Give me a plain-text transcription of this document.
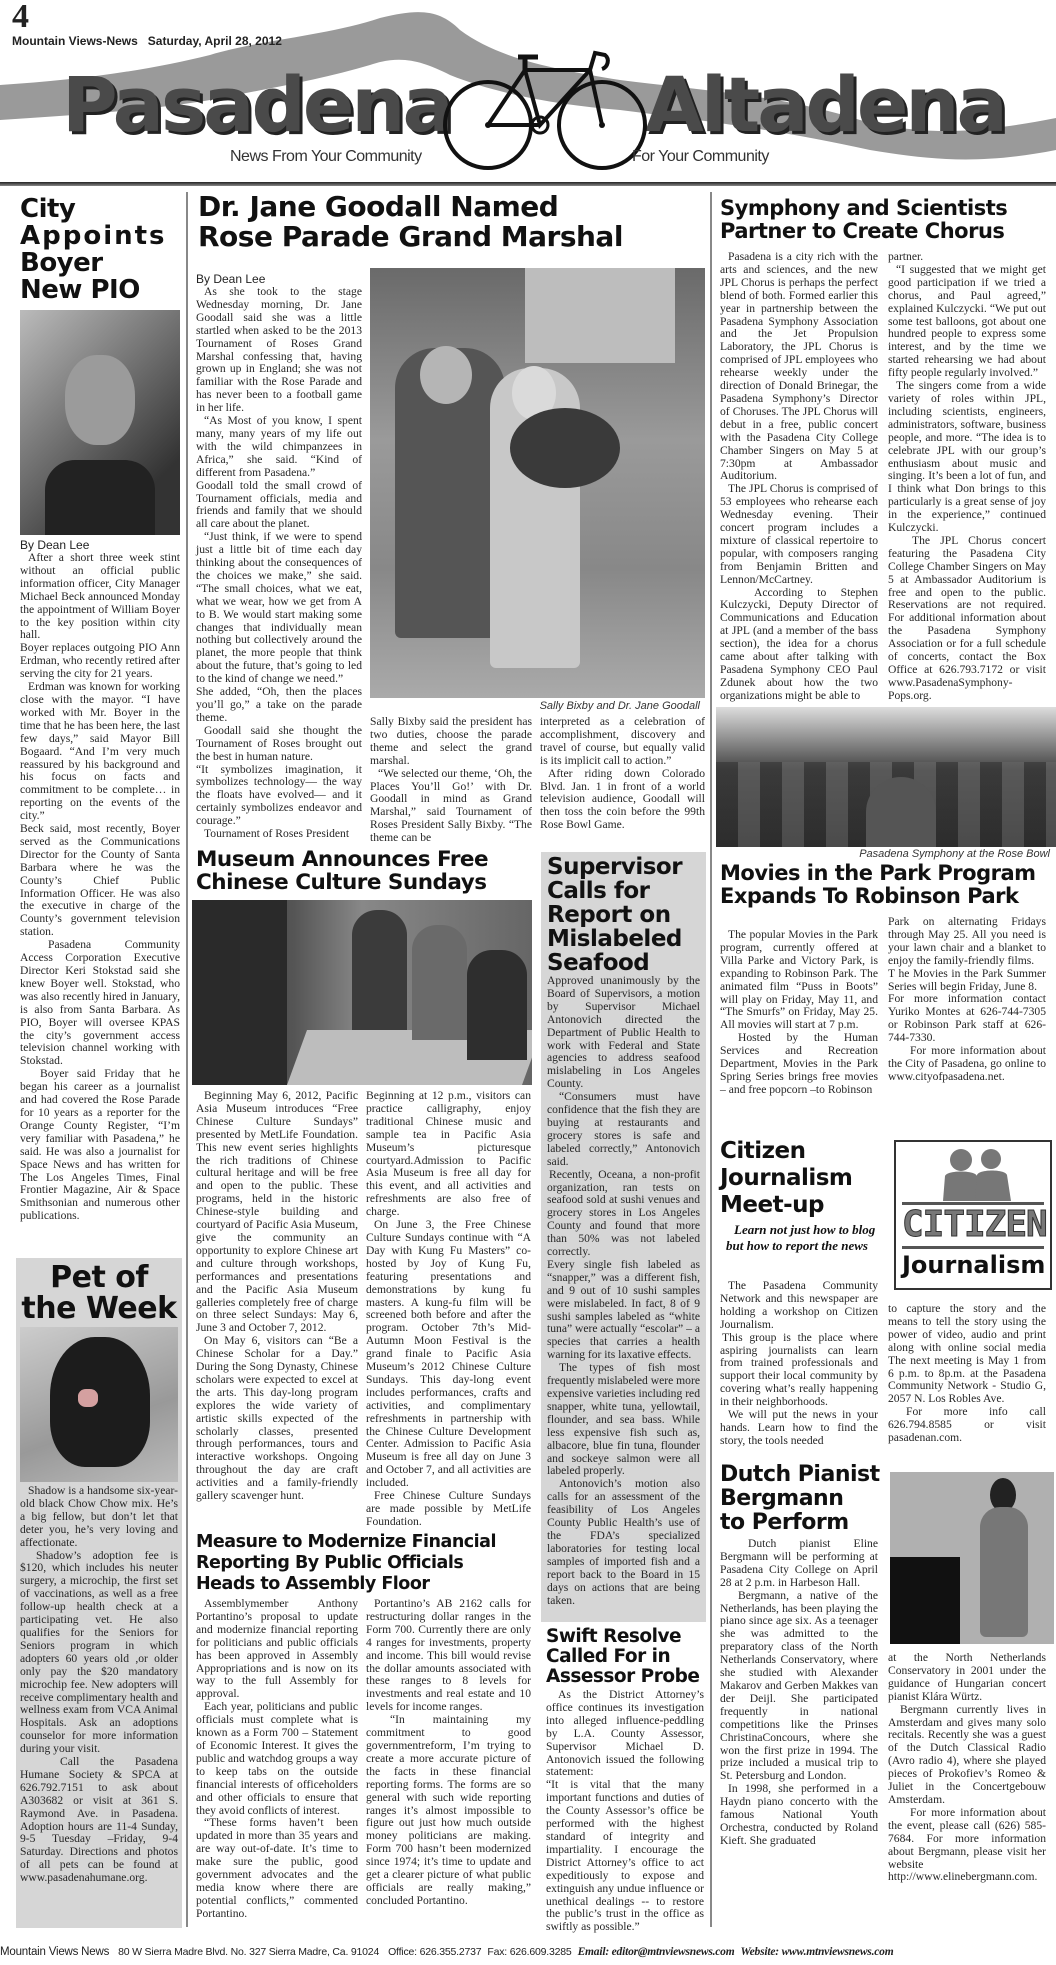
4
Mountain Views-News   Saturday, April 28, 2012
Pasadena	Altadena
News From Your Community	For Your Community
City
Appoints
Boyer
New PIO
By Dean Lee

After a short three week stint without an official public information officer, City Manager Michael Beck announced Monday the appointment of William Boyer to the key position within city hall.

Boyer replaces outgoing PIO Ann Erdman, who recently retired after serving the city for 21 years.

Erdman was known for working close with the mayor. “I have worked with Mr. Boyer in the time that he has been here, the last few days,” said Mayor Bill Bogaard. “And I’m very much reassured by his background and his focus on facts and commitment to be complete… in reporting on the events of the city.”

Beck said, most recently, Boyer served as the Communications Director for the County of Santa Barbara where he was the County’s Chief Public Information Officer. He was also the executive in charge of the County’s government television station.

Pasadena Community Access Corporation Executive Director Keri Stokstad said she knew Boyer well. Stokstad, who was also recently hired in January, is also from Santa Barbara. As PIO, Boyer will oversee KPAS the city’s government access television channel working with Stokstad.

Boyer said Friday that he began his career as a journalist and had covered the Rose Parade for 10 years as a reporter for the Orange County Register, “I’m very familiar with Pasadena,” he said. He was also a journalist for Space News and has written for The Los Angeles Times, Final Frontier Magazine, Air & Space Smithsonian and numerous other publications.

Pet of
the Week

Shadow is a handsome six-year-old black Chow Chow mix. He’s a big fellow, but don’t let that deter you, he’s very loving and affectionate.

Shadow’s adoption fee is $120, which includes his neuter surgery, a microchip, the first set of vaccinations, as well as a free follow-up health check at a participating vet. He also qualifies for the Seniors for Seniors program in which adopters 60 years old ,or older only pay the $20 mandatory microchip fee. New adopters will receive complimentary health and wellness exam from VCA Animal Hospitals. Ask an adoptions counselor for more information during your visit.

Call the Pasadena Humane Society & SPCA at 626.792.7151 to ask about A303682 or visit at 361 S. Raymond Ave. in Pasadena. Adoption hours are 11-4 Sunday, 9-5 Tuesday –Friday, 9-4 Saturday. Directions and photos of all pets can be found at www.pasadenahumane.org.

Dr. Jane Goodall Named
Rose Parade Grand Marshal
By Dean Lee

As she took to the stage Wednesday morning, Dr. Jane Goodall said she was a little startled when asked to be the 2013 Tournament of Roses Grand Marshal confessing that, having grown up in England; she was not familiar with the Rose Parade and has never been to a football game in her life.

“As Most of you know, I spent many, many years of my life out with the wild chimpanzees in Africa,” she said. “Kind of different from Pasadena.”

Goodall told the small crowd of Tournament officials, media and friends and family that we should all care about the planet.

“Just think, if we were to spend just a little bit of time each day thinking about the consequences of the choices we make,” she said. “The small choices, what we eat, what we wear, how we get from A to B. We would start making some changes that individually mean nothing but collectively around the planet, the more people that think about the future, that’s going to led to the kind of change we need.”

She added, “Oh, then the places you’ll go,” a take on the parade theme.

Goodall said she thought the Tournament of Roses brought out the best in human nature.

“It symbolizes imagination, it symbolizes technology— the way the floats have evolved— and it certainly symbolizes endeavor and courage.”

Tournament of Roses President

Sally Bixby and Dr. Jane Goodall

Sally Bixby said the president has two duties, choose the parade theme and select the grand marshal.

“We selected our theme, ‘Oh, the Places You’ll Go!’ with Dr. Goodall in mind as Grand Marshal,” said Tournament of Roses President Sally Bixby. “The theme can be

interpreted as a celebration of accomplishment, discovery and travel of course, but equally valid is its implicit call to action.”

After riding down Colorado Blvd. Jan. 1 in front of a world television audience, Goodall will then toss the coin before the 99th Rose Bowl Game.

Museum Announces Free
Chinese Culture Sundays

Beginning May 6, 2012, Pacific Asia Museum introduces “Free Chinese Culture Sundays” presented by MetLife Foundation. This new event series highlights the rich traditions of Chinese cultural heritage and will be free and open to the public. These programs, held in the historic Chinese-style building and courtyard of Pacific Asia Museum, give the community an opportunity to explore Chinese art and culture through workshops, performances and presentations and the Pacific Asia Museum galleries completely free of charge on three select Sundays: May 6, June 3 and October 7, 2012.

On May 6, visitors can “Be a Chinese Scholar for a Day.” During the Song Dynasty, Chinese scholars were expected to excel at the arts. This day-long program explores the wide variety of artistic skills expected of the scholarly classes, presented through performances, tours and interactive workshops. Ongoing throughout the day are craft activities and a family-friendly gallery scavenger hunt.

Beginning at 12 p.m., visitors can practice calligraphy, enjoy traditional Chinese music and sample tea in Pacific Asia Museum’s picturesque courtyard.Admission to Pacific Asia Museum is free all day for this event, and all activities and refreshments are also free of charge.

On June 3, the Free Chinese Culture Sundays continue with “A Day with Kung Fu Masters” co-hosted by Joy of Kung Fu, featuring presentations and demonstrations by kung fu masters. A kung-fu film will be screened both before and after the program. October 7th’s Mid-Autumn Moon Festival is the grand finale to Pacific Asia Museum’s 2012 Chinese Culture Sundays. This day-long event includes performances, crafts and activities, and complimentary refreshments in partnership with the Chinese Culture Development Center. Admission to Pacific Asia Museum is free all day on June 3 and October 7, and all activities are included.

Free Chinese Culture Sundays are made possible by MetLife Foundation.

Measure to Modernize Financial
Reporting By Public Officials
Heads to Assembly Floor

Assemblymember Anthony Portantino’s proposal to update and modernize financial reporting for politicians and public officials has been approved in Assembly Appropriations and is now on its way to the full Assembly for approval.

Each year, politicians and public officials must complete what is known as a Form 700 – Statement of Economic Interest. It gives the public and watchdog groups a way to keep tabs on the outside financial interests of officeholders and other officials to ensure that they avoid conflicts of interest.

“These forms haven’t been updated in more than 35 years and are way out-of-date. It’s time to make sure the public, good government advocates and the media know where there are potential conflicts,” commented Portantino.

Portantino’s AB 2162 calls for restructuring dollar ranges in the Form 700. Currently there are only 4 ranges for investments, property and income. This bill would revise the dollar amounts associated with these ranges to 8 levels for investments and real estate and 10 levels for income ranges.

“In maintaining my commitment to good governmentreform, I’m trying to create a more accurate picture of the facts in these financial reporting forms. The forms are so general with such wide reporting ranges it’s almost impossible to figure out just how much outside money politicians are making. Form 700 hasn’t been modernized since 1974; it’s time to update and get a clearer picture of what public officials are really making,” concluded Portantino.

Supervisor
Calls for
Report on
Mislabeled
Seafood

Approved unanimously by the Board of Supervisors, a motion by Supervisor Michael Antonovich directed the Department of Public Health to work with Federal and State agencies to address seafood mislabeling in Los Angeles County.

“Consumers must have confidence that the fish they are buying at restaurants and grocery stores is safe and labeled correctly,” Antonovich said.

Recently, Oceana, a non-profit organization, ran tests on seafood sold at sushi venues and grocery stores in Los Angeles County and found that more than 50% was not labeled correctly.

Every single fish labeled as “snapper,” was a different fish, and 9 out of 10 sushi samples were mislabeled. In fact, 8 of 9 sushi samples labeled as “white tuna” were actually “escolar” – a species that carries a health warning for its laxative effects.

The types of fish most frequently mislabeled were more expensive varieties including red snapper, white tuna, yellowtail, flounder, and sea bass. While less expensive fish such as, albacore, blue fin tuna, flounder and sockeye salmon were all labeled properly.

Antonovich’s motion also calls for an assessment of the feasibility of Los Angeles County Public Health’s use of the FDA’s specialized laboratories for testing local samples of imported fish and a report back to the Board in 15 days on actions that are being taken.

Swift Resolve
Called For in
Assessor Probe

As the District Attorney’s office continues its investigation into alleged influence-peddling by L.A. County Assessor, Supervisor Michael D. Antonovich issued the following statement:

“It is vital that the many important functions and duties of the County Assessor’s office be performed with the highest standard of integrity and impartiality. I encourage the District Attorney’s office to act expeditiously to expose and extinguish any undue influence or unethical dealings -- to restore the public’s trust in the office as swiftly as possible.”

Symphony and Scientists
Partner to Create Chorus

Pasadena is a city rich with the arts and sciences, and the new JPL Chorus is perhaps the perfect blend of both. Formed earlier this year in partnership between the Pasadena Symphony Association and the Jet Propulsion Laboratory, the JPL Chorus is comprised of JPL employees who rehearse weekly under the direction of Donald Brinegar, the Pasadena Symphony’s Director of Choruses. The JPL Chorus will debut in a free, public concert with the Pasadena City College Chamber Singers on May 5 at 7:30pm at Ambassador Auditorium.

The JPL Chorus is comprised of 53 employees who rehearse each Wednesday evening. Their concert program includes a mixture of classical repertoire to popular, with composers ranging from Benjamin Britten and Lennon/McCartney.

According to Stephen Kulczycki, Deputy Director of Communications and Education at JPL (and a member of the bass section), the idea for a chorus came about after talking with Pasadena Symphony CEO Paul Zdunek about how the two organizations might be able to

partner.

“I suggested that we might get good participation if we tried a chorus, and Paul agreed,” explained Kulczycki. “We put out some test balloons, got about one hundred people to express some interest, and by the time we started rehearsing we had about fifty people regularly involved.”

The singers come from a wide variety of roles within JPL, including scientists, engineers, administrators, software, business people, and more. “The idea is to celebrate JPL with our group’s enthusiasm about music and singing. It’s been a lot of fun, and I think what Don brings to this particularly is a great sense of joy in the experience,” continued Kulczycki.

The JPL Chorus concert featuring the Pasadena City College Chamber Singers on May 5 at Ambassador Auditorium is free and open to the public. Reservations are not required. For additional information about the Pasadena Symphony Association or for a full schedule of concerts, contact the Box Office at 626.793.7172 or visit www.PasadenaSymphony-Pops.org.

Pasadena Symphony at the Rose Bowl
Movies in the Park Program
Expands To Robinson Park

The popular Movies in the Park program, currently offered at Villa Parke and Victory Park, is expanding to Robinson Park. The animated film “Puss in Boots” will play on Friday, May 11, and “The Smurfs” on Friday, May 25. All movies will start at 7 p.m.

Hosted by the Human Services and Recreation Department, Movies in the Park Spring Series brings free movies – and free popcorn –to Robinson

Park on alternating Fridays through May 25. All you need is your lawn chair and a blanket to enjoy the family-friendly films.

T he Movies in the Park Summer Series will begin Friday, June 8.

For more information contact Yuriko Montes at 626-744-7305 or Robinson Park staff at 626-744-7330.

For more information about the City of Pasadena, go online to www.cityofpasadena.net.

Citizen
Journalism
Meet-up
Learn not just how to blog but how to report the news

The Pasadena Community Network and this newspaper are holding a workshop on Citizen Journalism.

This group is the place where aspiring journalists can learn from trained professionals and support their local community by covering what’s really happening in their neighborhoods.

We will put the news in your hands. Learn how to find the story, the tools needed

CITIZEN
Journalism

to capture the story and the means to tell the story using the power of video, audio and print along with online social media The next meeting is May 1 from 6 p.m. to 8p.m. at the Pasadena Community Network - Studio G, 2057 N. Los Robles Ave.

For more info call 626.794.8585 or visit pasadenan.com.

Dutch Pianist
Bergmann
to Perform

Dutch pianist Eline Bergmann will be performing at Pasadena City College on April 28 at 2 p.m. in Harbeson Hall.

Bergmann, a native of the Netherlands, has been playing the piano since age six. As a teenager she was admitted to the preparatory class of the North Netherlands Conservatory, where she studied with Alexander Makarov and Gerben Makkes van der Deijl. She participated frequently in national competitions like the Prinses ChristinaConcours, where she won the first prize in 1994. The prize included a musical trip to St. Petersburg and London.

In 1998, she performed in a Haydn piano concerto with the famous National Youth Orchestra, conducted by Roland Kieft. She graduated

at the North Netherlands Conservatory in 2001 under the guidance of Hungarian concert pianist Klára Würtz.

Bergmann currently lives in Amsterdam and gives many solo recitals. Recently she was a guest of the Dutch Classical Radio (Avro radio 4), where she played pieces of Prokofiev’s Romeo & Juliet in the Concertgebouw Amsterdam.

For more information about the event, please call (626) 585-7684. For more information about Bergmann, please visit her website http://www.elinebergmann.com.

Mountain Views News 80 W Sierra Madre Blvd. No. 327 Sierra Madre, Ca. 91024 Office: 626.355.2737 Fax: 626.609.3285 Email: editor@mtnviewsnews.com Website: www.mtnviewsnews.com
